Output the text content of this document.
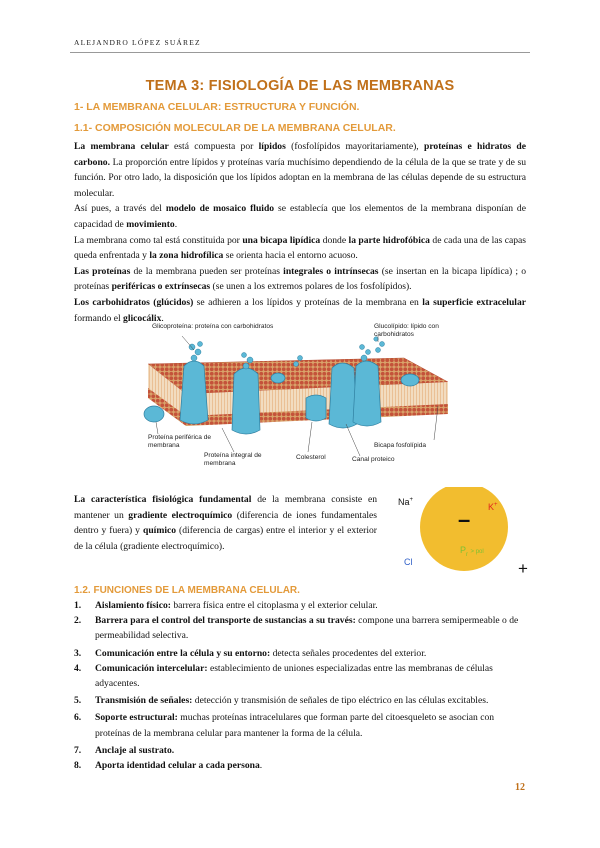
ALEJANDRO LÓPEZ SUÁREZ
TEMA 3: FISIOLOGÍA DE LAS MEMBRANAS
1- LA MEMBRANA CELULAR: ESTRUCTURA Y FUNCIÓN.
1.1- COMPOSICIÓN MOLECULAR DE LA MEMBRANA CELULAR.

La membrana celular está compuesta por lípidos (fosfolípidos mayoritariamente), proteínas e hidratos de carbono. La proporción entre lípidos y proteínas varía muchísimo dependiendo de la célula de la que se trate y de su función. Por otro lado, la disposición que los lípidos adoptan en la membrana de las células depende de su estructura molecular.

Así pues, a través del modelo de mosaico fluido se establecía que los elementos de la membrana disponían de capacidad de movimiento.

La membrana como tal está constituida por una bicapa lipídica donde la parte hidrofóbica de cada una de las capas queda enfrentada y la zona hidrofílica se orienta hacia el entorno acuoso.

Las proteínas de la membrana pueden ser proteínas integrales o intrínsecas (se insertan en la bicapa lipídica) ; o proteínas periféricas o extrínsecas (se unen a los extremos polares de los fosfolípidos).

Los carbohidratos (glúcidos) se adhieren a los lípidos y proteínas de la membrana en la superficie extracelular formando el glicocálix.

Glicoproteína: proteína con carbohidratos	Glucolípido: lípido con carbohidratos
Proteína periférica de membrana
Proteína integral de membrana
Colesterol	Canal proteico
Bicapa fosfolípida
La característica fisiológica fundamental de la membrana consiste en mantener un gradiente electroquímico (diferencia de iones fundamentales dentro y fuera) y químico (diferencia de cargas) entre el interior y el exterior de la célula (gradiente electroquímico).
Na+
K+
–
$P_r$ > pol
Cl	+
1.2. FUNCIONES DE LA MEMBRANA CELULAR.
1. Aislamiento físico: barrera física entre el citoplasma y el exterior celular.
2. Barrera para el control del transporte de sustancias a su través: compone una barrera semipermeable o de permeabilidad selectiva.
3. Comunicación entre la célula y su entorno: detecta señales procedentes del exterior.
4. Comunicación intercelular: establecimiento de uniones especializadas entre las membranas de células adyacentes.
5. Transmisión de señales: detección y transmisión de señales de tipo eléctrico en las células excitables.
6. Soporte estructural: muchas proteínas intracelulares que forman parte del citoesqueleto se asocian con proteínas de la membrana celular para mantener la forma de la célula.
7. Anclaje al sustrato.
8. Aporta identidad celular a cada persona.
12
